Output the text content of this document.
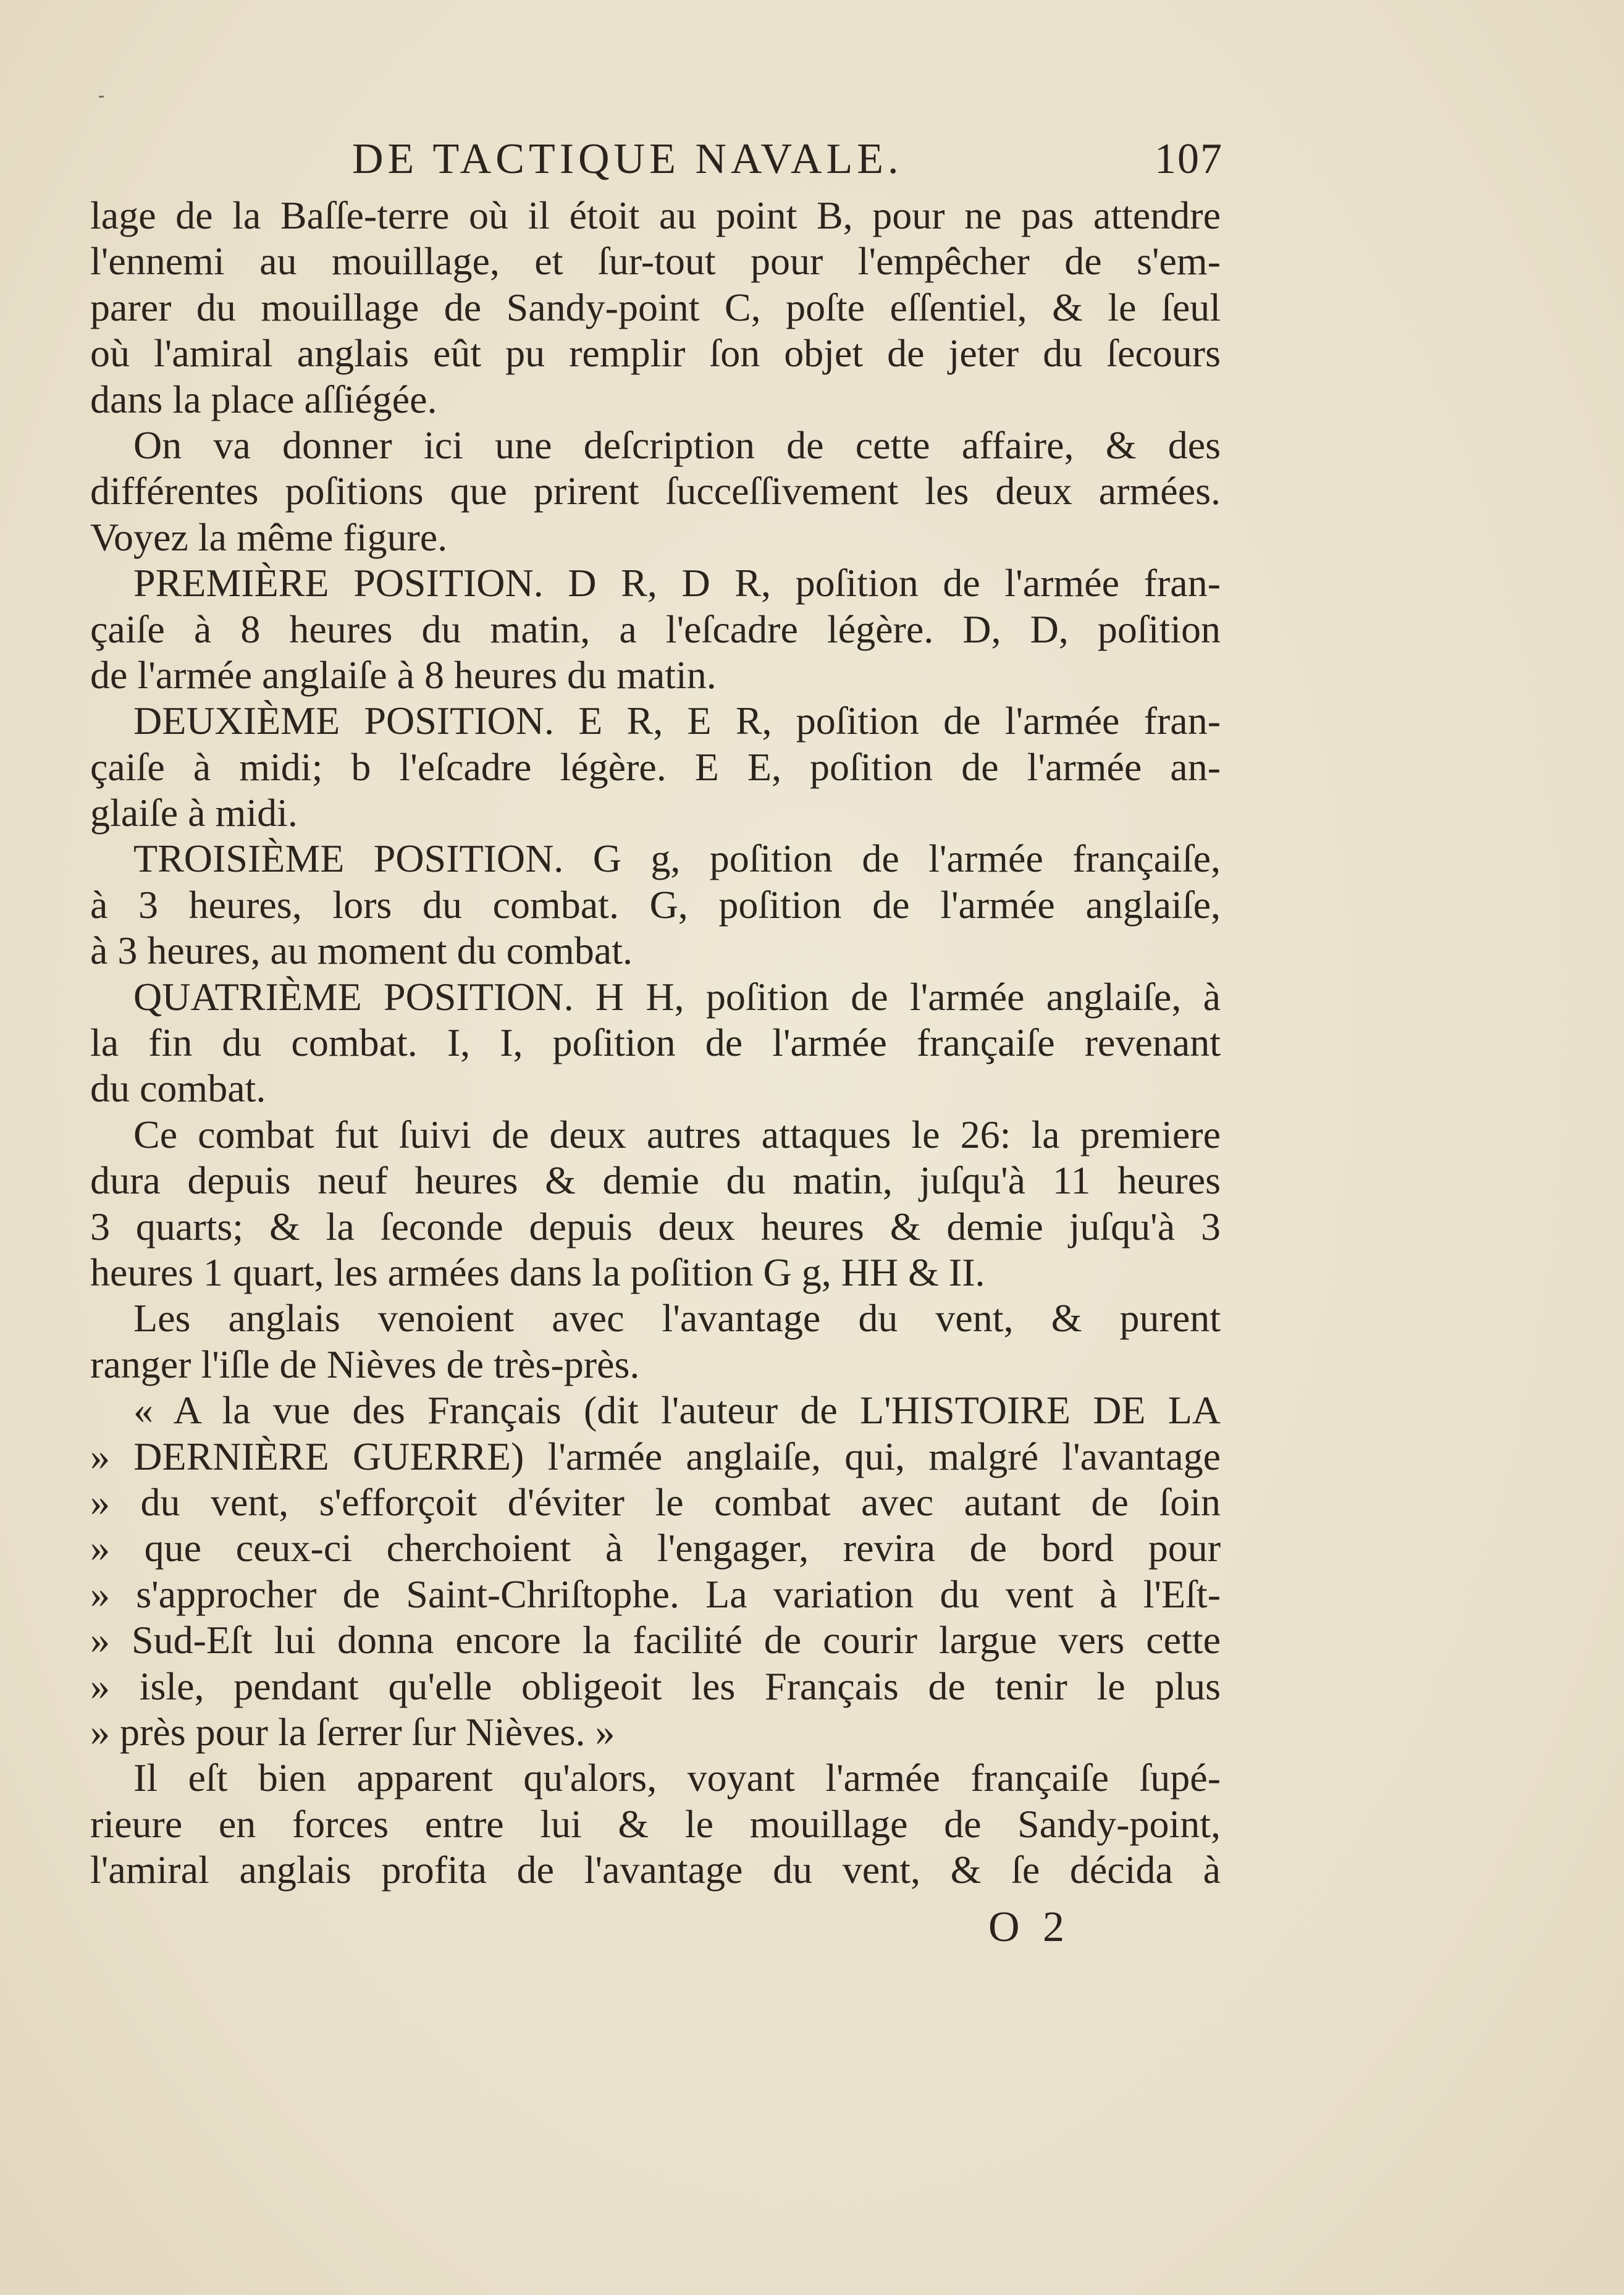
DE TACTIQUE NAVALE.	107
lage de la Baſſe-terre où il étoit au point B, pour ne pas attendre
l'ennemi au mouillage, et ſur-tout pour l'empêcher de s'em-
parer du mouillage de Sandy-point C, poſte eſſentiel, & le ſeul
où l'amiral anglais eût pu remplir ſon objet de jeter du ſecours
dans la place aſſiégée.
On va donner ici une deſcription de cette affaire, & des
différentes poſitions que prirent ſucceſſivement les deux armées.
Voyez la même figure.
PREMIÈRE POSITION. D R, D R, poſition de l'armée fran-
çaiſe à 8 heures du matin, a l'eſcadre légère. D, D, poſition
de l'armée anglaiſe à 8 heures du matin.
DEUXIÈME POSITION. E R, E R, poſition de l'armée fran-
çaiſe à midi; b l'eſcadre légère. E E, poſition de l'armée an-
glaiſe à midi.
TROISIÈME POSITION. G g, poſition de l'armée françaiſe,
à 3 heures, lors du combat. G, poſition de l'armée anglaiſe,
à 3 heures, au moment du combat.
QUATRIÈME POSITION. H H, poſition de l'armée anglaiſe, à
la fin du combat. I, I, poſition de l'armée françaiſe revenant
du combat.
Ce combat fut ſuivi de deux autres attaques le 26: la premiere
dura depuis neuf heures & demie du matin, juſqu'à 11 heures
3 quarts; & la ſeconde depuis deux heures & demie juſqu'à 3
heures 1 quart, les armées dans la poſition G g, HH & II.
Les anglais venoient avec l'avantage du vent, & purent
ranger l'iſle de Nièves de très-près.
« A la vue des Français (dit l'auteur de L'HISTOIRE DE LA
» DERNIÈRE GUERRE) l'armée anglaiſe, qui, malgré l'avantage
» du vent, s'efforçoit d'éviter le combat avec autant de ſoin
» que ceux-ci cherchoient à l'engager, revira de bord pour
» s'approcher de Saint-Chriſtophe. La variation du vent à l'Eſt-
» Sud-Eſt lui donna encore la facilité de courir largue vers cette
» isle, pendant qu'elle obligeoit les Français de tenir le plus
» près pour la ſerrer ſur Nièves. »
Il eſt bien apparent qu'alors, voyant l'armée françaiſe ſupé-
rieure en forces entre lui & le mouillage de Sandy-point,
l'amiral anglais profita de l'avantage du vent, & ſe décida à
O 2
